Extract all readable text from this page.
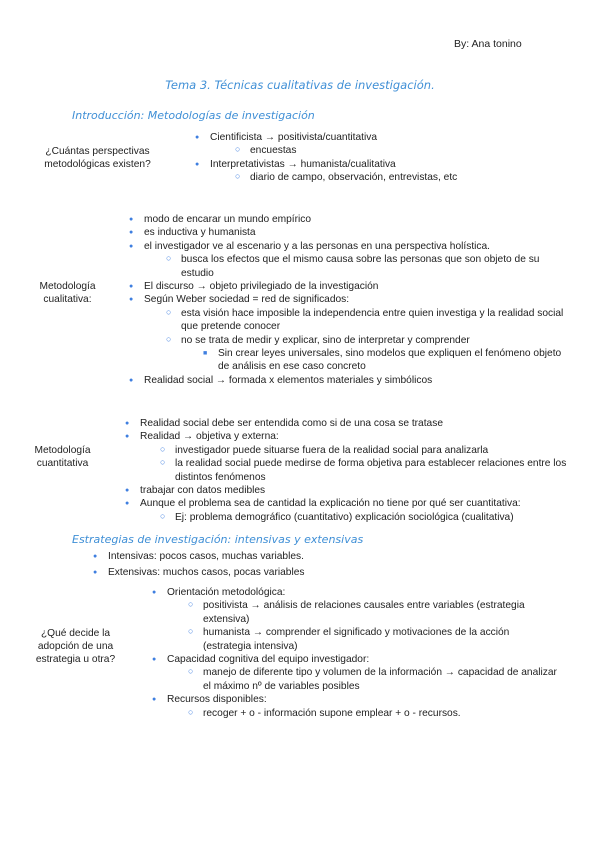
By: Ana tonino
Tema 3. Técnicas cualitativas de investigación.
Introducción: Metodologías de investigación
¿Cuántas perspectivas metodológicas existen?
● Cientificista → positivista/cuantitativa
○ encuestas
● Interpretativistas → humanista/cualitativa
○ diario de campo, observación, entrevistas, etc
Metodología cualitativa:
● modo de encarar un mundo empírico
● es inductiva y humanista
● el investigador ve al escenario y a las personas en una perspectiva holística.
○ busca los efectos que el mismo causa sobre las personas que son objeto de su estudio
● El discurso → objeto privilegiado de la investigación
● Según Weber sociedad = red de significados:
○ esta visión hace imposible la independencia entre quien investiga y la realidad social que pretende conocer
○ no se trata de medir y explicar, sino de interpretar y comprender
■ Sin crear leyes universales, sino modelos que expliquen el fenómeno objeto de análisis en ese caso concreto
● Realidad social → formada x elementos materiales y simbólicos
Metodología cuantitativa
● Realidad social debe ser entendida como si de una cosa se tratase
● Realidad → objetiva y externa:
○ investigador puede situarse fuera de la realidad social para analizarla
○ la realidad social puede medirse de forma objetiva para establecer relaciones entre los distintos fenómenos
● trabajar con datos medibles
● Aunque el problema sea de cantidad la explicación no tiene por qué ser cuantitativa:
○ Ej: problema demográfico (cuantitativo) explicación sociológica (cualitativa)
Estrategias de investigación: intensivas y extensivas
● Intensivas: pocos casos, muchas variables.
● Extensivas: muchos casos, pocas variables
¿Qué decide la adopción de una estrategia u otra?
● Orientación metodológica:
○ positivista → análisis de relaciones causales entre variables (estrategia extensiva)
○ humanista → comprender el significado y motivaciones de la acción (estrategia intensiva)
● Capacidad cognitiva del equipo investigador:
○ manejo de diferente tipo y volumen de la información → capacidad de analizar el máximo nº de variables posibles
● Recursos disponibles:
○ recoger + o - información supone emplear + o - recursos.
